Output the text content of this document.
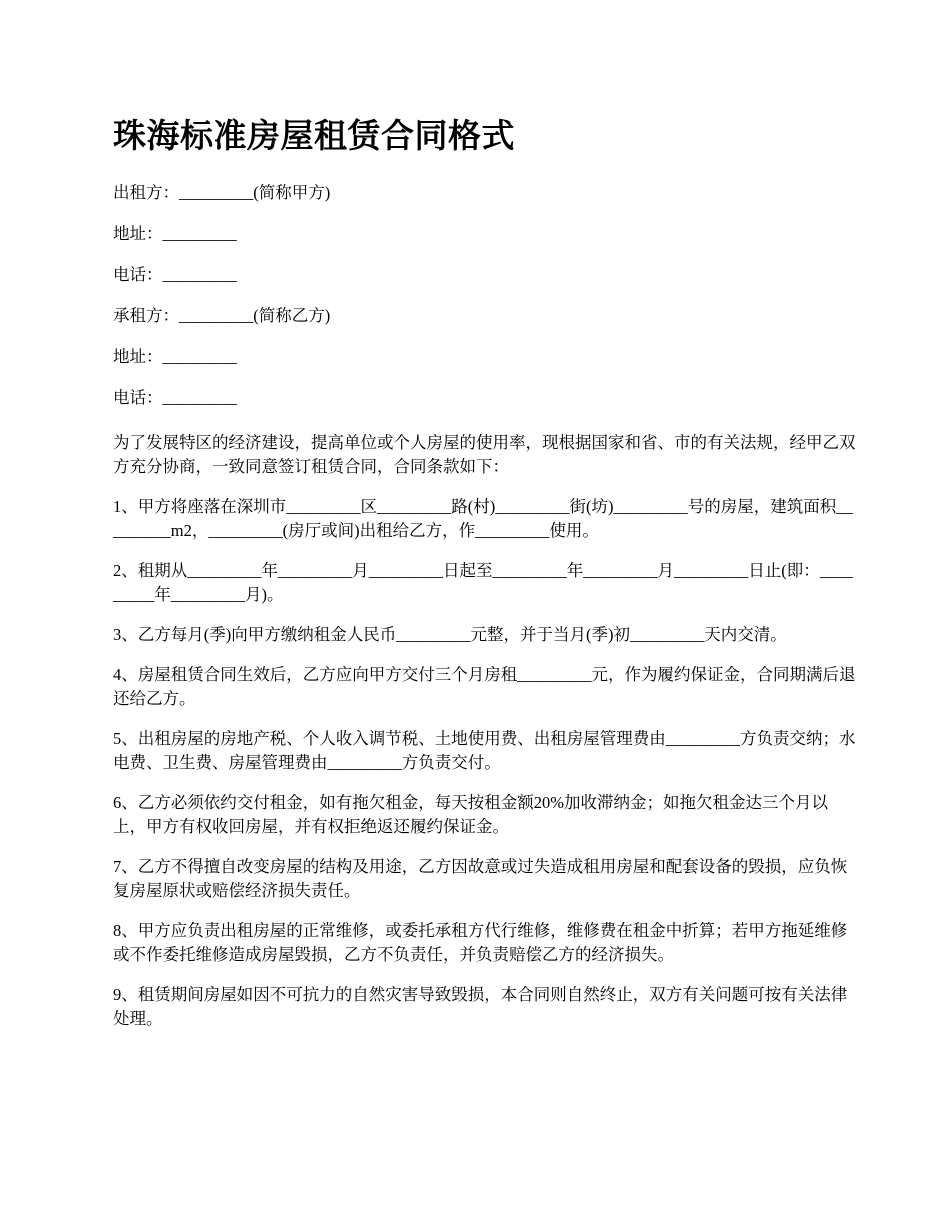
珠海标准房屋租赁合同格式

出租方：_________(简称甲方)

地址：_________

电话：_________

承租方：_________(简称乙方)

地址：_________

电话：_________

为了发展特区的经济建设，提高单位或个人房屋的使用率，现根据国家和省、市的有关法规，经甲乙双方充分协商，一致同意签订租赁合同，合同条款如下：

1、甲方将座落在深圳市_________区_________路(村)_________街(坊)_________号的房屋，建筑面积_________m2，_________(房厅或间)出租给乙方，作_________使用。

2、租期从_________年_________月_________日起至_________年_________月_________日止(即：_________年_________月)。

3、乙方每月(季)向甲方缴纳租金人民币_________元整，并于当月(季)初_________天内交清。

4、房屋租赁合同生效后，乙方应向甲方交付三个月房租_________元，作为履约保证金，合同期满后退还给乙方。

5、出租房屋的房地产税、个人收入调节税、土地使用费、出租房屋管理费由_________方负责交纳；水电费、卫生费、房屋管理费由_________方负责交付。

6、乙方必须依约交付租金，如有拖欠租金，每天按租金额20%加收滞纳金；如拖欠租金达三个月以上，甲方有权收回房屋，并有权拒绝返还履约保证金。

7、乙方不得擅自改变房屋的结构及用途，乙方因故意或过失造成租用房屋和配套设备的毁损，应负恢复房屋原状或赔偿经济损失责任。

8、甲方应负责出租房屋的正常维修，或委托承租方代行维修，维修费在租金中折算；若甲方拖延维修或不作委托维修造成房屋毁损，乙方不负责任，并负责赔偿乙方的经济损失。

9、租赁期间房屋如因不可抗力的自然灾害导致毁损，本合同则自然终止，双方有关问题可按有关法律处理。
